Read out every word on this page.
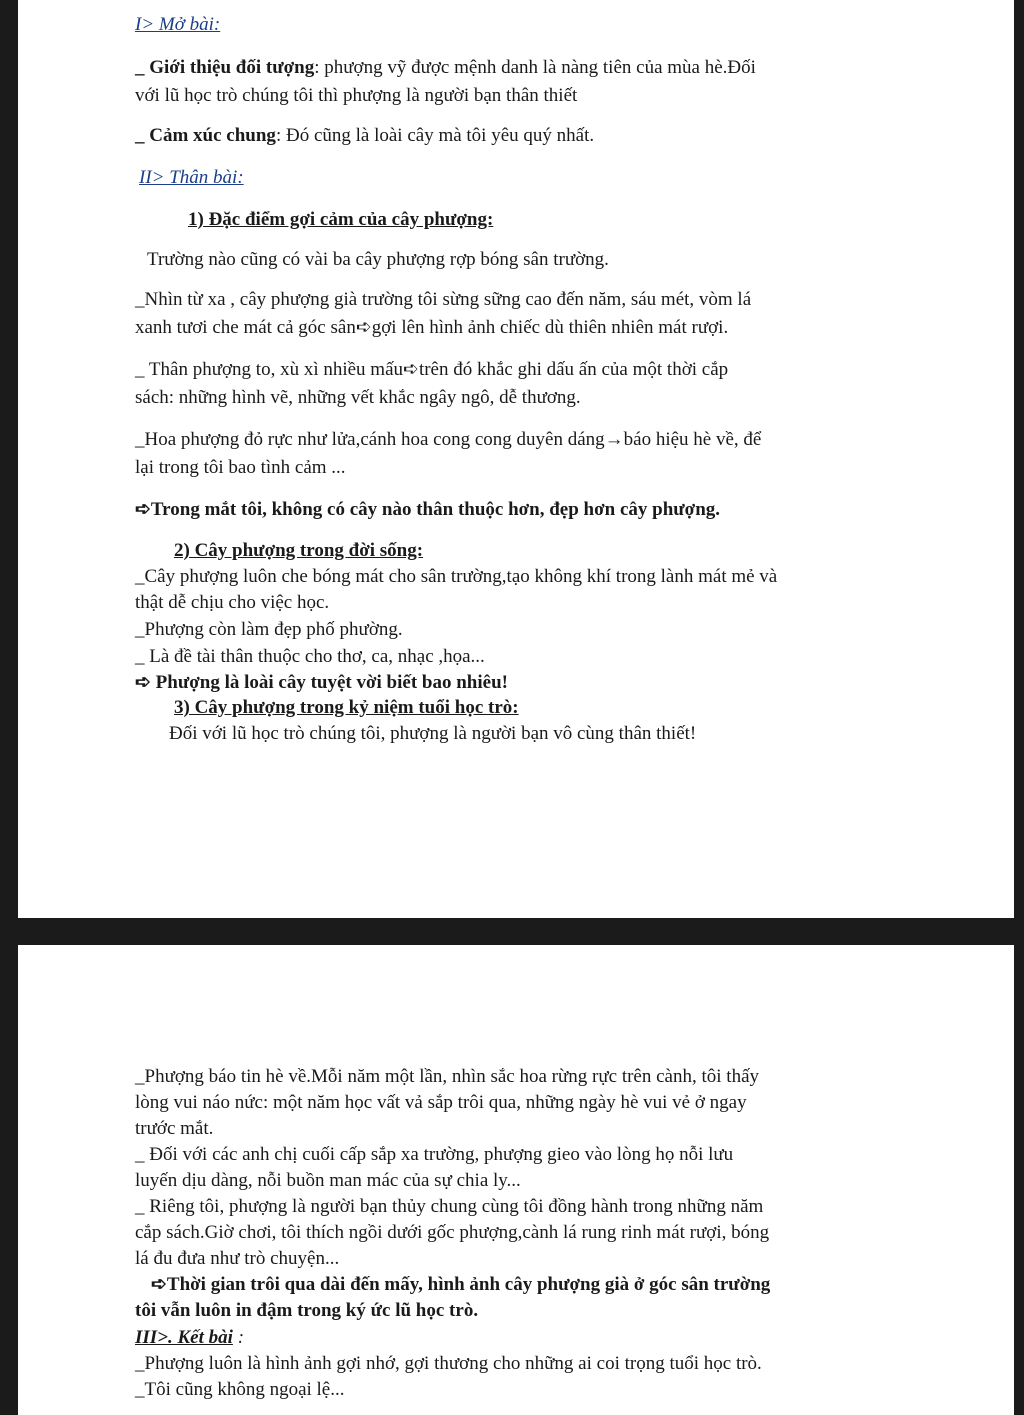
I> Mở bài:
_ Giới thiệu đối tượng: phượng vỹ được mệnh danh là nàng tiên của mùa hè.Đối
với lũ học trò chúng tôi thì phượng là người bạn thân thiết
_ Cảm xúc chung: Đó cũng là loài cây mà tôi yêu quý nhất.
II> Thân bài:
1) Đặc điểm gợi cảm của cây phượng:
Trường nào cũng có vài ba cây phượng rợp bóng sân trường.
_Nhìn từ xa , cây phượng già trường tôi sừng sững cao đến năm, sáu mét, vòm lá
xanh tươi che mát cả góc sân➪gợi lên hình ảnh chiếc dù thiên nhiên mát rượi.
_ Thân phượng to, xù xì nhiều mấu➪trên đó khắc ghi dấu ấn của một thời cắp
sách: những hình vẽ, những vết khắc ngây ngô, dễ thương.
_Hoa phượng đỏ rực như lửa,cánh hoa cong cong duyên dáng→báo hiệu hè về, để
lại trong tôi bao tình cảm ...
➪Trong mắt tôi, không có cây nào thân thuộc hơn, đẹp hơn cây phượng.
2) Cây phượng trong đời sống:
_Cây phượng luôn che bóng mát cho sân trường,tạo không khí trong lành mát mẻ và
thật dễ chịu cho việc học.
_Phượng còn làm đẹp phố phường.
_ Là đề tài thân thuộc cho thơ, ca, nhạc ,họa...
➪ Phượng là loài cây tuyệt vời biết bao nhiêu!
3) Cây phượng trong kỷ niệm tuổi học trò:
Đối với lũ học trò chúng tôi, phượng là người bạn vô cùng thân thiết!
_Phượng báo tin hè về.Mỗi năm một lần, nhìn sắc hoa rừng rực trên cành, tôi thấy
lòng vui náo nức: một năm học vất vả sắp trôi qua, những ngày hè vui vẻ ở ngay
trước mắt.
_ Đối với các anh chị cuối cấp sắp xa trường, phượng gieo vào lòng họ nỗi lưu
luyến dịu dàng, nỗi buồn man mác của sự chia ly...
_ Riêng tôi, phượng là người bạn thủy chung cùng tôi đồng hành trong những năm
cắp sách.Giờ chơi, tôi thích ngồi dưới gốc phượng,cành lá rung rinh mát rượi, bóng
lá đu đưa như trò chuyện...
➪Thời gian trôi qua dài đến mấy, hình ảnh cây phượng già ở góc sân trường
tôi vẫn luôn in đậm trong ký ức lũ học trò.
III>. Kết bài :
_Phượng luôn là hình ảnh gợi nhớ, gợi thương cho những ai coi trọng tuổi học trò.
_Tôi cũng không ngoại lệ...
